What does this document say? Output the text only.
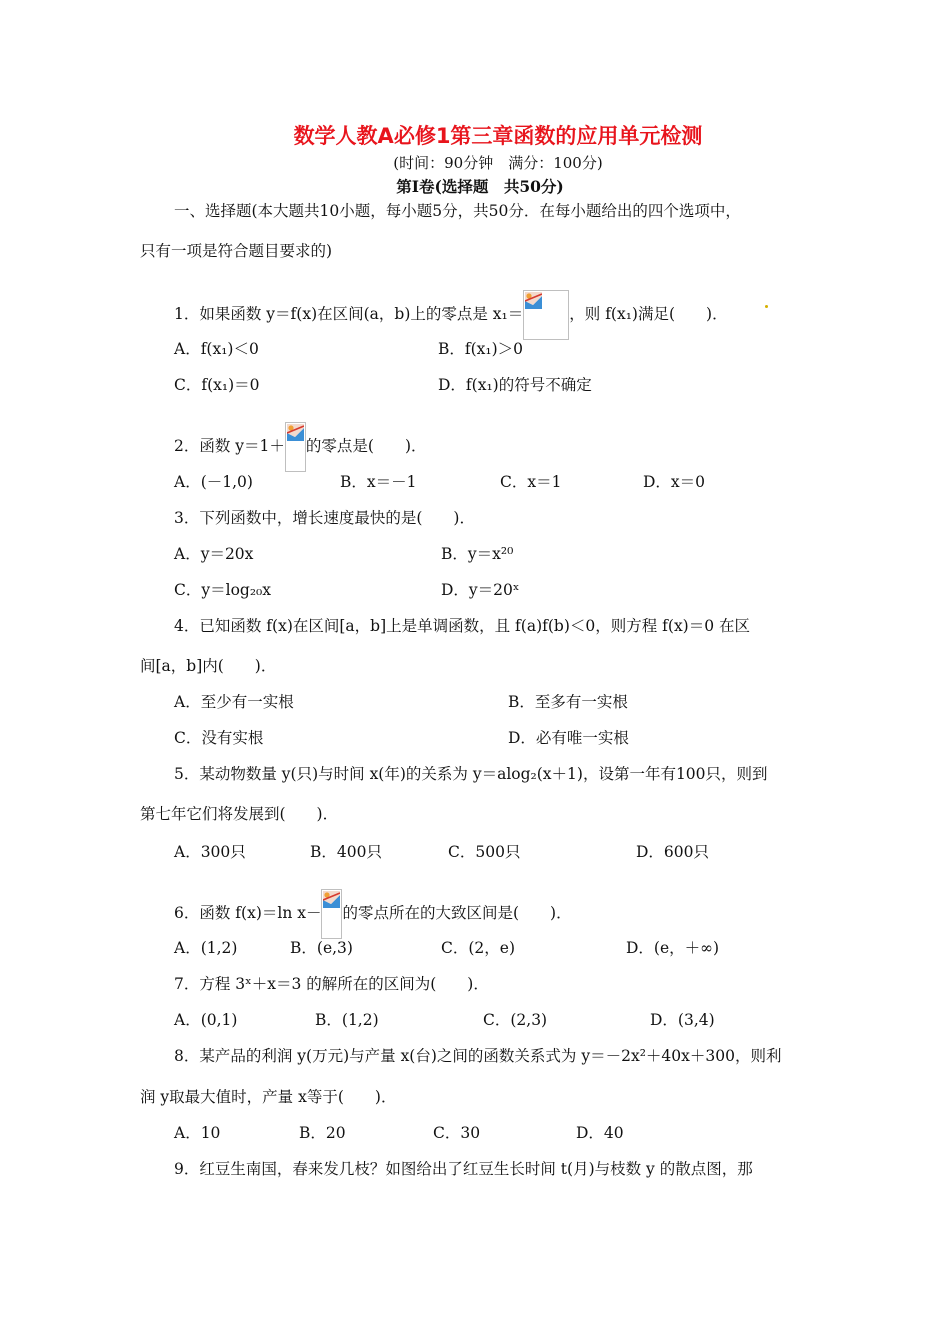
数学人教A必修1第三章函数的应用单元检测
(时间：90分钟　满分：100分)
第Ⅰ卷(选择题　共50分)
一、选择题(本大题共10小题，每小题5分，共50分．在每小题给出的四个选项中，
只有一项是符合题目要求的)
1．如果函数 y＝f(x)在区间(a，b)上的零点是 x₁＝	，则 f(x₁)满足(　　)．
A．f(x₁)＜0	B．f(x₁)＞0
C．f(x₁)＝0	D．f(x₁)的符号不确定
2．函数 y＝1＋ 的零点是(　　)．
A．(－1,0)	B．x＝－1	C．x＝1	D．x＝0
3．下列函数中，增长速度最快的是(　　)．
A．y＝20x	B．y＝x²⁰
C．y＝log₂₀x	D．y＝20ˣ
4．已知函数 f(x)在区间[a，b]上是单调函数，且 f(a)f(b)＜0，则方程 f(x)＝0 在区
间[a，b]内(　　)．
A．至少有一实根	B．至多有一实根
C．没有实根	D．必有唯一实根
5．某动物数量 y(只)与时间 x(年)的关系为 y＝alog₂(x＋1)，设第一年有100只，则到
第七年它们将发展到(　　)．
A．300只	B．400只	C．500只	D．600只
6．函数 f(x)＝ln x－ 的零点所在的大致区间是(　　)．
A．(1,2)	B．(e,3)	C．(2，e)	D．(e，＋∞)
7．方程 3ˣ＋x＝3 的解所在的区间为(　　)．
A．(0,1)	B．(1,2)	C．(2,3)	D．(3,4)
8．某产品的利润 y(万元)与产量 x(台)之间的函数关系式为 y＝－2x²＋40x＋300，则利
润 y取最大值时，产量 x等于(　　)．
A．10	B．20	C．30	D．40
9．红豆生南国，春来发几枝？如图给出了红豆生长时间 t(月)与枝数 y 的散点图，那
